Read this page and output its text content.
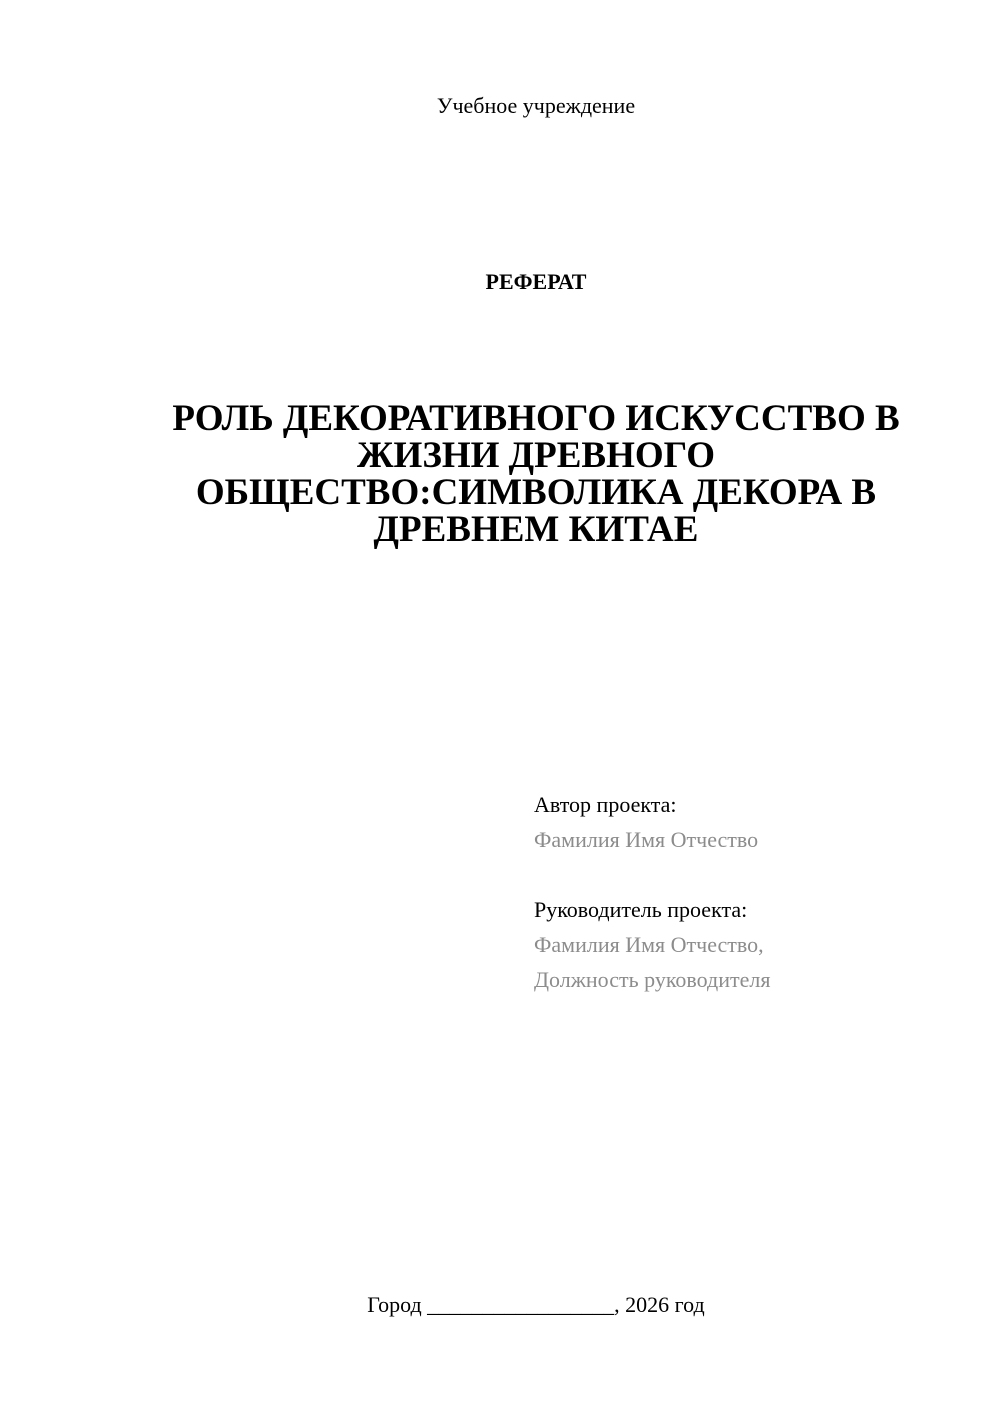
Учебное учреждение
РЕФЕРАТ
РОЛЬ ДЕКОРАТИВНОГО ИСКУССТВО В
ЖИЗНИ ДРЕВНОГО
ОБЩЕСТВО:СИМВОЛИКА ДЕКОРА В
ДРЕВНЕМ КИТАЕ
Автор проекта:
Фамилия Имя Отчество
Руководитель проекта:
Фамилия Имя Отчество,
Должность руководителя
Город _________________, 2026 год
